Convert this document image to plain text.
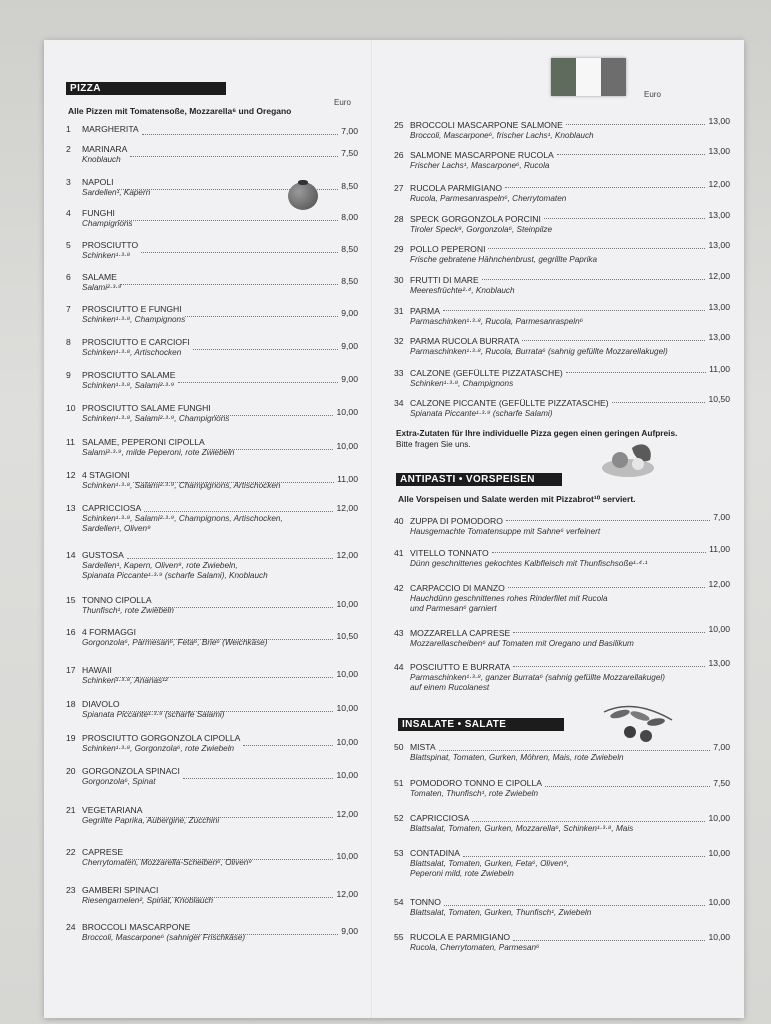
PIZZA
Euro
Alle Pizzen mit Tomatensoße, Mozzarella⁶ und Oregano
1	MARGHERITA	7,00
2	MARINARA	7,50
Knoblauch
3	NAPOLI	8,50
Sardellen¹, Kapern
4	FUNGHI	8,00
Champignons
5	PROSCIUTTO	8,50
Schinken¹·³·⁸
6	SALAME	8,50
Salami²·³·⁹
7	PROSCIUTTO E FUNGHI	9,00
Schinken¹·³·⁸, Champignons
8	PROSCIUTTO E CARCIOFI	9,00
Schinken¹·³·⁸, Artischocken
9	PROSCIUTTO SALAME	9,00
Schinken¹·³·⁸, Salami²·³·⁹
10 PROSCIUTTO SALAME FUNGHI	10,00
Schinken¹·³·⁸, Salami²·³·⁹, Champignons
11 SALAME, PEPERONI CIPOLLA	10,00
Salami²·³·⁹, milde Peperoni, rote Zwiebeln
12 4 STAGIONI	11,00
Schinken¹·³·⁸, Salami²·³·⁹, Champignons, Artischocken
13 CAPRICCIOSA	12,00
Schinken¹·³·⁸, Salami²·³·⁹, Champignons, Artischocken,
Sardellen¹, Oliven⁹
14 GUSTOSA	12,00
Sardellen¹, Kapern, Oliven⁹, rote Zwiebeln,
Spianata Piccante¹·³·⁹ (scharfe Salami), Knoblauch
15 TONNO CIPOLLA	10,00
Thunfisch¹, rote Zwiebeln
16 4 FORMAGGI	10,50
Gorgonzola⁶, Parmesan⁶, Feta⁶, Brie⁶ (Weichkäse)
17 HAWAII	10,00
Schinken¹·³·⁸, Ananas¹²
18 DIAVOLO	10,00
Spianata Piccante¹·³·⁹ (scharfe Salami)
19 PROSCIUTTO GORGONZOLA CIPOLLA	10,00
Schinken¹·³·⁸, Gorgonzola⁶, rote Zwiebeln
20 GORGONZOLA SPINACI	10,00
Gorgonzola⁶, Spinat
21 VEGETARIANA	12,00
Gegrillte Paprika, Aubergine, Zucchini
22 CAPRESE	10,00
Cherrytomaten, Mozzarella-Scheiben⁶, Oliven⁹
23 GAMBERI SPINACI	12,00
Riesengarnelen², Spinat, Knoblauch
24 BROCCOLI MASCARPONE	9,00
Broccoli, Mascarpone⁶ (sahniger Frischkäse)
Euro
25 BROCCOLI MASCARPONE SALMONE	13,00
Broccoli, Mascarpone⁶, frischer Lachs¹, Knoblauch
26 SALMONE MASCARPONE RUCOLA	13,00
Frischer Lachs¹, Mascarpone⁶, Rucola
27 RUCOLA PARMIGIANO	12,00
Rucola, Parmesanraspeln⁶, Cherrytomaten
28 SPECK GORGONZOLA PORCINI	13,00
Tiroler Speck⁸, Gorgonzola⁶, Steinpilze
29 POLLO PEPERONI	13,00
Frische gebratene Hähnchenbrust, gegrillte Paprika
30 FRUTTI DI MARE	12,00
Meeresfrüchte²·⁴, Knoblauch
31 PARMA	13,00
Parmaschinken¹·³·⁸, Rucola, Parmesanraspeln⁶
32 PARMA RUCOLA BURRATA	13,00
Parmaschinken¹·³·⁸, Rucola, Burrata⁶ (sahnig gefüllte Mozzarellakugel)
33 CALZONE (GEFÜLLTE PIZZATASCHE)	11,00
Schinken¹·³·⁸, Champignons
34 CALZONE PICCANTE (GEFÜLLTE PIZZATASCHE)	10,50
Spianata Piccante¹·³·⁹ (scharfe Salami)
Extra-Zutaten für Ihre individuelle Pizza gegen einen geringen Aufpreis.
Bitte fragen Sie uns.
ANTIPASTI • VORSPEISEN
Alle Vorspeisen und Salate werden mit Pizzabrot¹⁰ serviert.
40 ZUPPA DI POMODORO	7,00
Hausgemachte Tomatensuppe mit Sahne⁶ verfeinert
41 VITELLO TONNATO	11,00
Dünn geschnittenes gekochtes Kalbfleisch mit Thunfischsoße¹·⁴·¹
42 CARPACCIO DI MANZO	12,00
Hauchdünn geschnittenes rohes Rinderfilet mit Rucola
und Parmesan⁶ garniert
43 MOZZARELLA CAPRESE	10,00
Mozzarellascheiben⁶ auf Tomaten mit Oregano und Basilikum
44 POSCIUTTO E BURRATA	13,00
Parmaschinken¹·³·⁸, ganzer Burrata⁶ (sahnig gefüllte Mozzarellakugel)
auf einem Rucolanest
INSALATE • SALATE
50 MISTA	7,00
Blattspinat, Tomaten, Gurken, Möhren, Mais, rote Zwiebeln
51 POMODORO TONNO E CIPOLLA	7,50
Tomaten, Thunfisch¹, rote Zwiebeln
52 CAPRICCIOSA	10,00
Blattsalat, Tomaten, Gurken, Mozzarella⁶, Schinken¹·³·⁸, Mais
53 CONTADINA	10,00
Blattsalat, Tomaten, Gurken, Feta⁶, Oliven⁹,
Peperoni mild, rote Zwiebeln
54 TONNO	10,00
Blattsalat, Tomaten, Gurken, Thunfisch¹, Zwiebeln
55 RUCOLA E PARMIGIANO	10,00
Rucola, Cherrytomaten, Parmesan⁶
